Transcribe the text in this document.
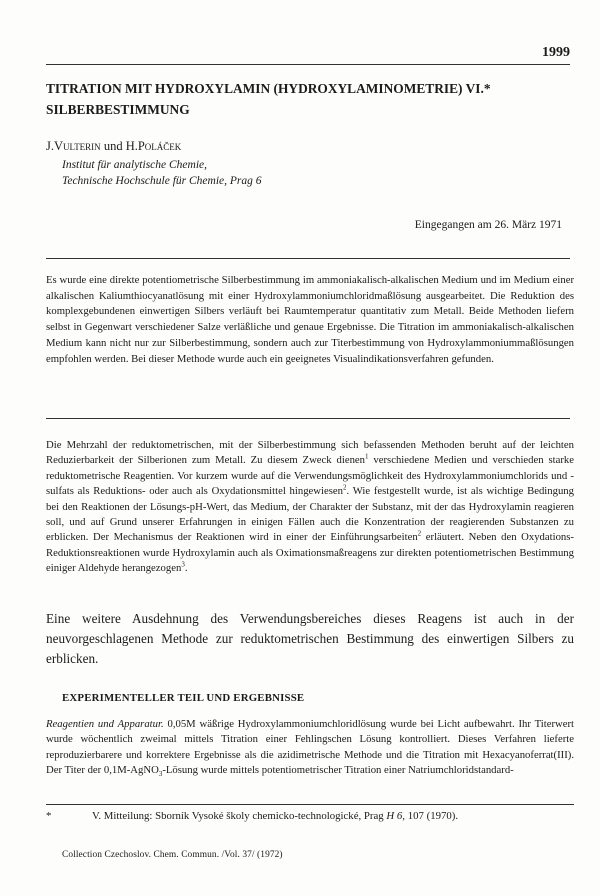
1999
TITRATION MIT HYDROXYLAMIN (HYDROXYLAMINOMETRIE) VI.* SILBERBESTIMMUNG
J.Vulterin und H.Poláček
Institut für analytische Chemie,
Technische Hochschule für Chemie, Prag 6
Eingegangen am 26. März 1971
Es wurde eine direkte potentiometrische Silberbestimmung im ammoniakalisch-alkalischen Medium und im Medium einer alkalischen Kaliumthiocyanatlösung mit einer Hydroxylammoniumchloridmaßlösung ausgearbeitet. Die Reduktion des komplexgebundenen einwertigen Silbers verläuft bei Raumtemperatur quantitativ zum Metall. Beide Methoden liefern selbst in Gegenwart verschiedener Salze verläßliche und genaue Ergebnisse. Die Titration im ammoniakalisch-alkalischen Medium kann nicht nur zur Silberbestimmung, sondern auch zur Titerbestimmung von Hydroxylammoniummaßlösungen empfohlen werden. Bei dieser Methode wurde auch ein geeignetes Visualindikationsverfahren gefunden.
Die Mehrzahl der reduktometrischen, mit der Silberbestimmung sich befassenden Methoden beruht auf der leichten Reduzierbarkeit der Silberionen zum Metall. Zu diesem Zweck dienen$^1$ verschiedene Medien und verschieden starke reduktometrische Reagentien. Vor kurzem wurde auf die Verwendungsmöglichkeit des Hydroxylammoniumchlorids und -sulfats als Reduktions- oder auch als Oxydationsmittel hingewiesen$^2$. Wie festgestellt wurde, ist als wichtige Bedingung bei den Reaktionen der Lösungs-pH-Wert, das Medium, der Charakter der Substanz, mit der das Hydroxylamin reagieren soll, und auf Grund unserer Erfahrungen in einigen Fällen auch die Konzentration der reagierenden Substanzen zu erblicken. Der Mechanismus der Reaktionen wird in einer der Einführungsarbeiten$^2$ erläutert. Neben den Oxydations-Reduktionsreaktionen wurde Hydroxylamin auch als Oximationsmaßreagens zur direkten potentiometrischen Bestimmung einiger Aldehyde herangezogen$^3$.
Eine weitere Ausdehnung des Verwendungsbereiches dieses Reagens ist auch in der neuvorgeschlagenen Methode zur reduktometrischen Bestimmung des einwertigen Silbers zu erblicken.
EXPERIMENTELLER TEIL UND ERGEBNISSE
Reagentien und Apparatur. 0,05M wäßrige Hydroxylammoniumchloridlösung wurde bei Licht aufbewahrt. Ihr Titerwert wurde wöchentlich zweimal mittels Titration einer Fehlingschen Lösung kontrolliert. Dieses Verfahren lieferte reproduzierbarere und korrektere Ergebnisse als die azidimetrische Methode und die Titration mit Hexacyanoferrat(III). Der Titer der 0,1M-AgNO$_3$-Lösung wurde mittels potentiometrischer Titration einer Natriumchloridstandard-
*	V. Mitteilung: Sborník Vysoké školy chemicko-technologické, Prag H 6, 107 (1970).
Collection Czechoslov. Chem. Commun. /Vol. 37/ (1972)
